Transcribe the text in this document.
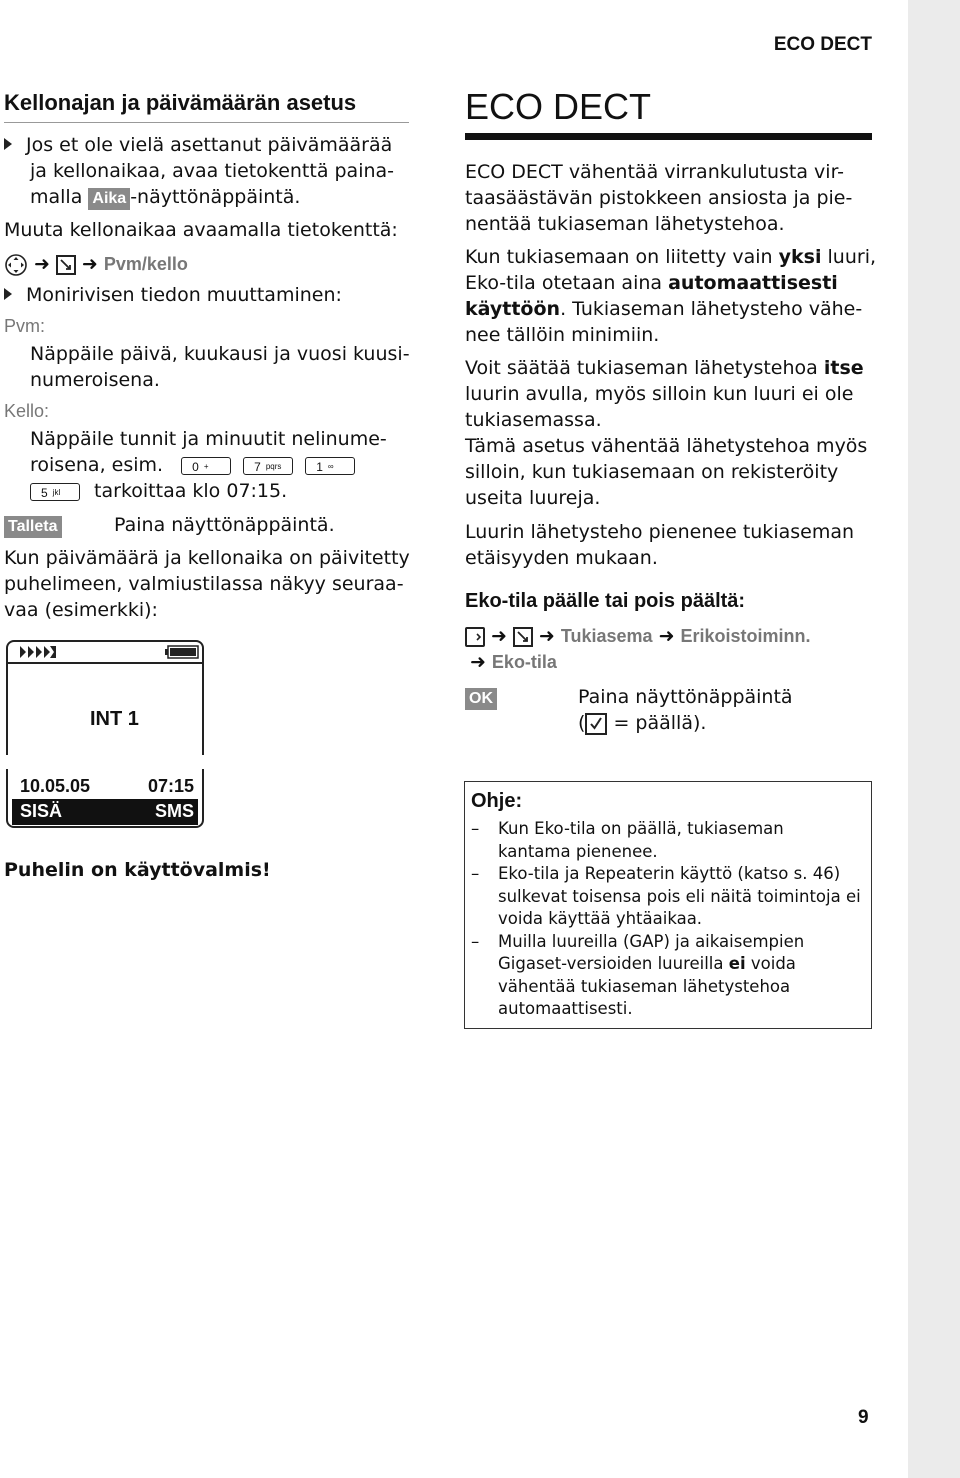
ECO DECT
9
Kellonajan ja päivämäärän asetus
Jos et ole vielä asettanut päivämäärää
ja kellonaikaa, avaa tietokenttä paina-
malla Aika -näyttönäppäintä.
Muuta kellonaikaa avaamalla tietokenttä:
➜ ➜ Pvm/kello
Monirivisen tiedon muuttaminen:
Pvm:
Näppäile päivä, kuukausi ja vuosi kuusi-
numeroisena.
Kello:
Näppäile tunnit ja minuutit nelinume-
roisena, esim. 0 $_+$	7 $_{pqrs}$	1 $_\infty$
5 $_{jkl}$ tarkoittaa klo 07:15.
Talleta	Paina näyttönäppäintä.
Kun päivämäärä ja kellonaika on päivitetty
puhelimeen, valmiustilassa näkyy seuraa-
vaa (esimerkki):
INT 1
10.05.05	07:15
SISÄ	SMS
Puhelin on käyttövalmis!
ECO DECT
ECO DECT vähentää virrankulutusta vir-
taasäästävän pistokkeen ansiosta ja pie-
nentää tukiaseman lähetystehoa.
Kun tukiasemaan on liitetty vain yksi luuri,
Eko-tila otetaan aina automaattisesti
käyttöön. Tukiaseman lähetysteho vähe-
nee tällöin minimiin.
Voit säätää tukiaseman lähetystehoa itse
luurin avulla, myös silloin kun luuri ei ole
tukiasemassa.
Tämä asetus vähentää lähetystehoa myös
silloin, kun tukiasemaan on rekisteröity
useita luureja.
Luurin lähetysteho pienenee tukiaseman
etäisyyden mukaan.
Eko-tila päälle tai pois päältä:
➜ ➜ Tukiasema ➜ Erikoistoiminn.
➜ Eko-tila
OK	Paina näyttönäppäintä
(
= päällä).
Ohje:
– Kun Eko-tila on päällä, tukiaseman
kantama pienenee.
– Eko-tila ja Repeaterin käyttö (katso s. 46)
sulkevat toisensa pois eli näitä toimintoja ei
voida käyttää yhtäaikaa.
– Muilla luureilla (GAP) ja aikaisempien
Gigaset-versioiden luureilla ei voida
vähentää tukiaseman lähetystehoa
automaattisesti.
